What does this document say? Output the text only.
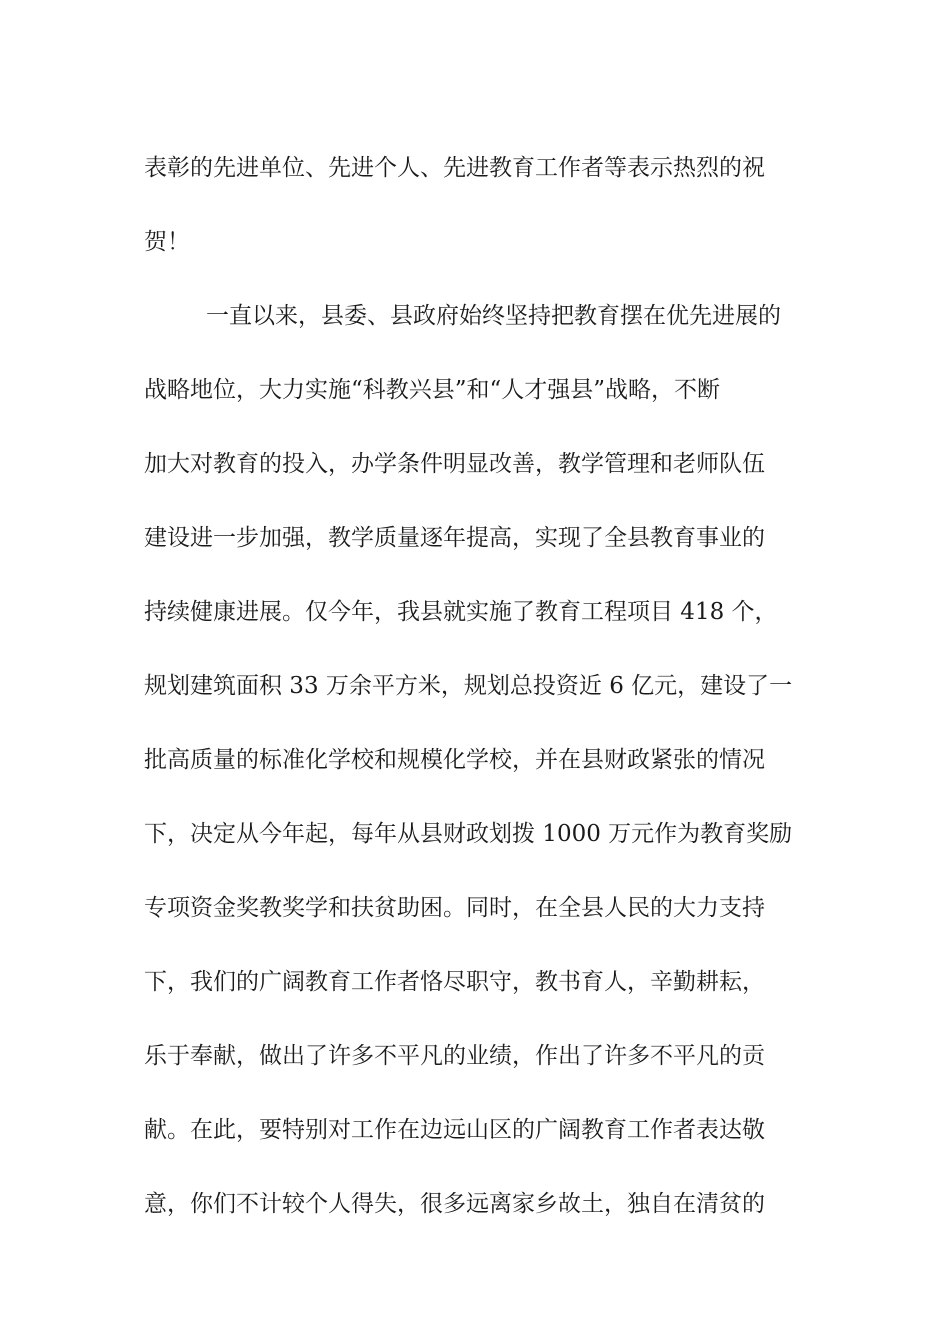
表彰的先进单位、先进个人、先进教育工作者等表示热烈的祝
贺！
一直以来，县委、县政府始终坚持把教育摆在优先进展的
战略地位，大力实施“科教兴县”和“人才强县”战略，不断
加大对教育的投入，办学条件明显改善，教学管理和老师队伍
建设进一步加强，教学质量逐年提高，实现了全县教育事业的
持续健康进展。仅今年，我县就实施了教育工程项目 418 个，
规划建筑面积 33 万余平方米，规划总投资近 6 亿元，建设了一
批高质量的标准化学校和规模化学校，并在县财政紧张的情况
下，决定从今年起，每年从县财政划拨 1000 万元作为教育奖励
专项资金奖教奖学和扶贫助困。同时，在全县人民的大力支持
下，我们的广阔教育工作者恪尽职守，教书育人，辛勤耕耘，
乐于奉献，做出了许多不平凡的业绩，作出了许多不平凡的贡
献。在此，要特别对工作在边远山区的广阔教育工作者表达敬
意，你们不计较个人得失，很多远离家乡故土，独自在清贫的
